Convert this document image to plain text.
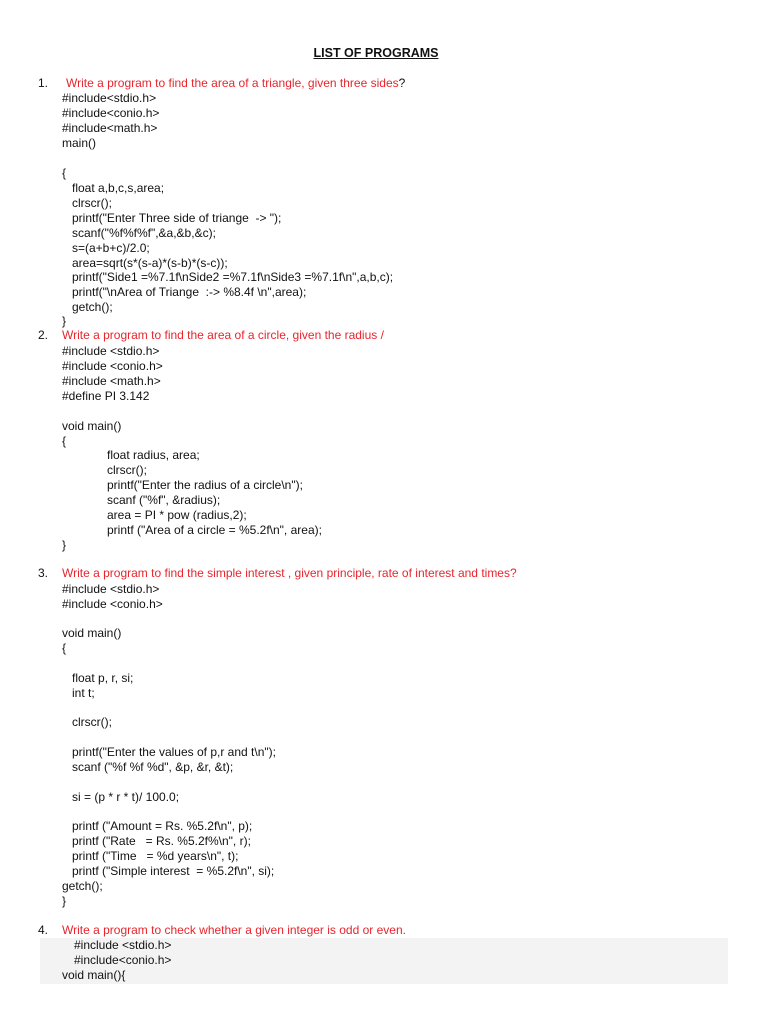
LIST OF PROGRAMS
1. Write a program to find the area of a triangle, given three sides?
#include<stdio.h>
#include<conio.h>
#include<math.h>
main()
{
float a,b,c,s,area;
clrscr();
printf("Enter Three side of triange  -> ");
scanf("%f%f%f",&a,&b,&c);
s=(a+b+c)/2.0;
area=sqrt(s*(s-a)*(s-b)*(s-c));
printf("Side1 =%7.1f\nSide2 =%7.1f\nSide3 =%7.1f\n",a,b,c);
printf("\nArea of Triange  :-> %8.4f \n",area);
getch();
}
2. Write a program to find the area of a circle, given the radius /
#include <stdio.h>
#include <conio.h>
#include <math.h>
#define PI 3.142
void main()
{
float radius, area;
clrscr();
printf("Enter the radius of a circle\n");
scanf ("%f", &radius);
area = PI * pow (radius,2);
printf ("Area of a circle = %5.2f\n", area);
}
3. Write a program to find the simple interest , given principle, rate of interest and times?
#include <stdio.h>
#include <conio.h>
void main()
{
float p, r, si;
int t;
clrscr();
printf("Enter the values of p,r and t\n");
scanf ("%f %f %d", &p, &r, &t);
si = (p * r * t)/ 100.0;
printf ("Amount = Rs. %5.2f\n", p);
printf ("Rate   = Rs. %5.2f%\n", r);
printf ("Time   = %d years\n", t);
printf ("Simple interest  = %5.2f\n", si);
getch();
}
4. Write a program to check whether a given integer is odd or even.
#include <stdio.h>
#include<conio.h>
void main(){
